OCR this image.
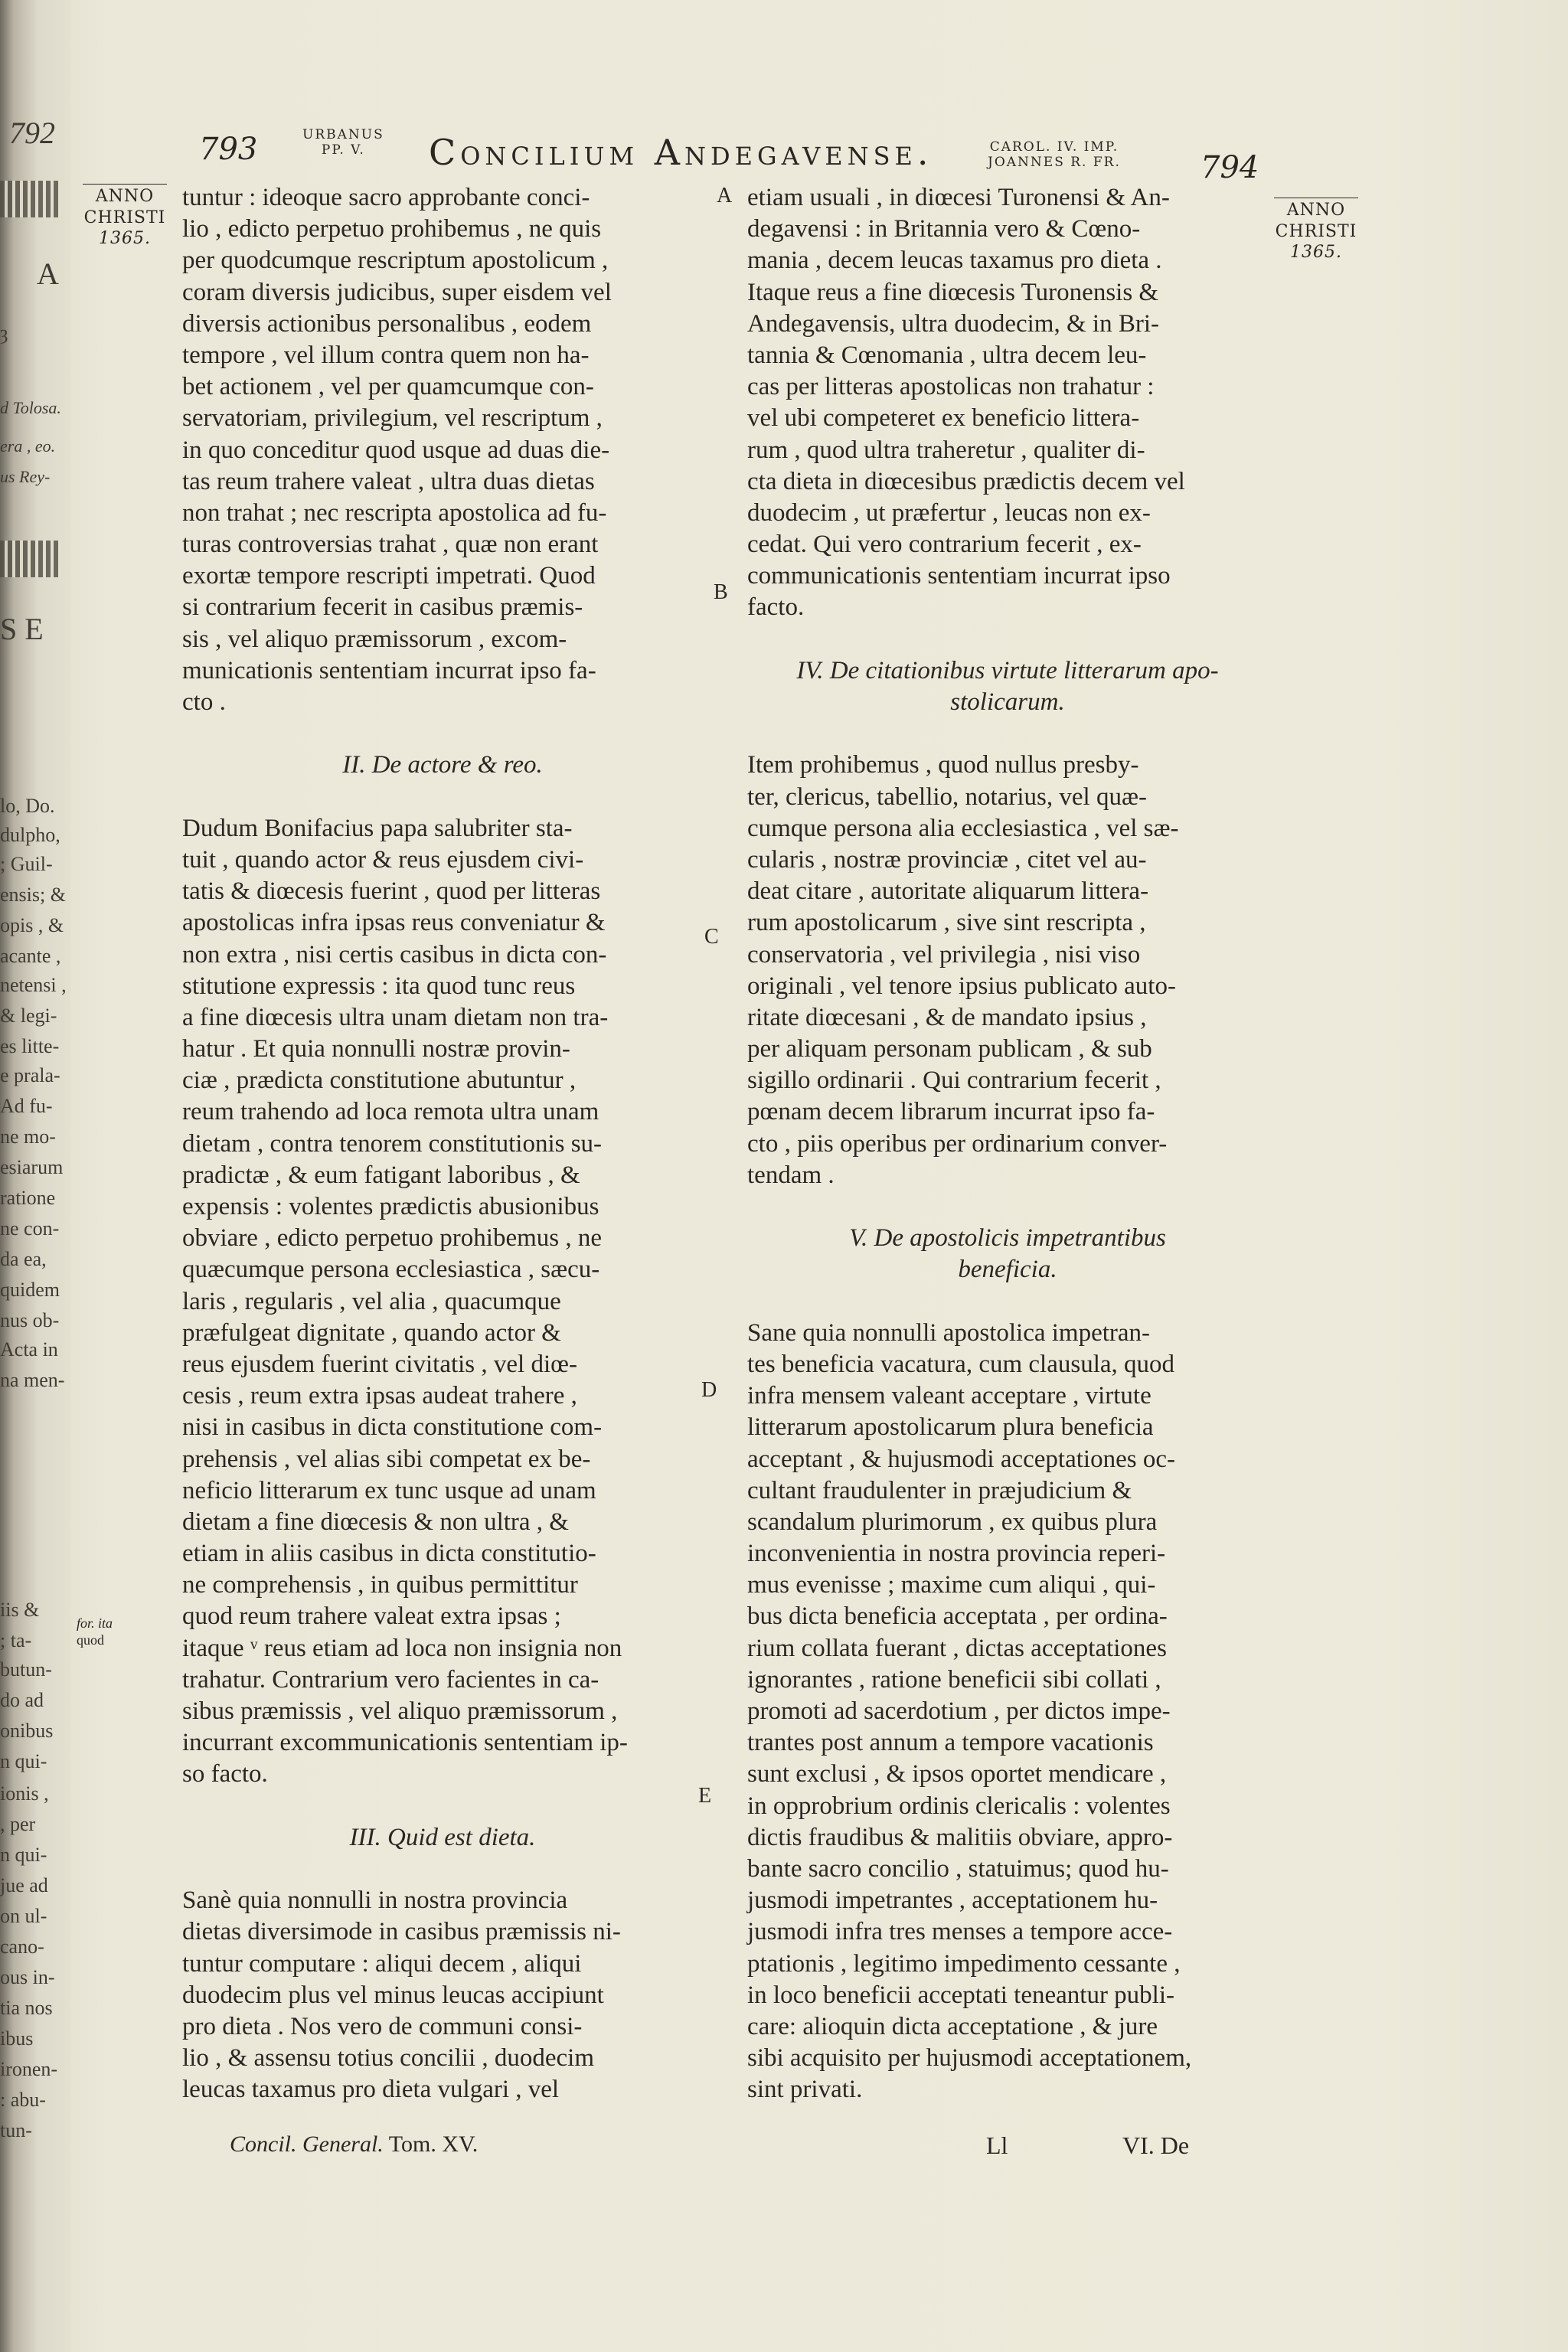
792
A
S E
ȝ
d Tolosa.
era , eo.
us Rey-
lo, Do.
dulpho,
; Guil-
ensis; &
opis , &
acante ,
netensi ,
& legi-
es litte-
e prala-
Ad fu-
ne mo-
esiarum
ratione
ne con-
da ea,
quidem
nus ob-
Acta in
na men-
iis &
; ta-
butun-
do ad
onibus
n qui-
ionis ,
, per
n qui-
jue ad
on ul-
cano-
ous in-
tia nos
ibus
ironen-
: abu-
tun-
793	URBANUS
PP. V.	Concilium Andegavense.	CAROL. IV. IMP.
JOANNES R. FR.	794
ANNO
CHRISTI
1365.
ANNO
CHRISTI
1365.
A
B
C
D
E
for. ita
quod
tuntur : ideoque sacro approbante conci-
lio , edicto perpetuo prohibemus , ne quis
per quodcumque rescriptum apostolicum ,
coram diversis judicibus, super eisdem vel
diversis actionibus personalibus , eodem
tempore , vel illum contra quem non ha-
bet actionem , vel per quamcumque con-
servatoriam, privilegium, vel rescriptum ,
in quo conceditur quod usque ad duas die-
tas reum trahere valeat , ultra duas dietas
non trahat ; nec rescripta apostolica ad fu-
turas controversias trahat , quæ non erant
exortæ tempore rescripti impetrati. Quod
si contrarium fecerit in casibus præmis-
sis , vel aliquo præmissorum , excom-
municationis sententiam incurrat ipso fa-
cto .
II. De actore & reo.
Dudum Bonifacius papa salubriter sta-
tuit , quando actor & reus ejusdem civi-
tatis & diœcesis fuerint , quod per litteras
apostolicas infra ipsas reus conveniatur &
non extra , nisi certis casibus in dicta con-
stitutione expressis : ita quod tunc reus
a fine diœcesis ultra unam dietam non tra-
hatur . Et quia nonnulli nostræ provin-
ciæ , prædicta constitutione abutuntur ,
reum trahendo ad loca remota ultra unam
dietam , contra tenorem constitutionis su-
pradictæ , & eum fatigant laboribus , &
expensis : volentes prædictis abusionibus
obviare , edicto perpetuo prohibemus , ne
quæcumque persona ecclesiastica , sæcu-
laris , regularis , vel alia , quacumque
præfulgeat dignitate , quando actor &
reus ejusdem fuerint civitatis , vel diœ-
cesis , reum extra ipsas audeat trahere ,
nisi in casibus in dicta constitutione com-
prehensis , vel alias sibi competat ex be-
neficio litterarum ex tunc usque ad unam
dietam a fine diœcesis & non ultra , &
etiam in aliis casibus in dicta constitutio-
ne comprehensis , in quibus permittitur
quod reum trahere valeat extra ipsas ;
itaque ᵛ reus etiam ad loca non insignia non
trahatur. Contrarium vero facientes in ca-
sibus præmissis , vel aliquo præmissorum ,
incurrant excommunicationis sententiam ip-
so facto.
III. Quid est dieta.
Sanè quia nonnulli in nostra provincia
dietas diversimode in casibus præmissis ni-
tuntur computare : aliqui decem , aliqui
duodecim plus vel minus leucas accipiunt
pro dieta . Nos vero de communi consi-
lio , & assensu totius concilii , duodecim
leucas taxamus pro dieta vulgari , vel
etiam usuali , in diœcesi Turonensi & An-
degavensi : in Britannia vero & Cœno-
mania , decem leucas taxamus pro dieta .
Itaque reus a fine diœcesis Turonensis &
Andegavensis, ultra duodecim, & in Bri-
tannia & Cœnomania , ultra decem leu-
cas per litteras apostolicas non trahatur :
vel ubi competeret ex beneficio littera-
rum , quod ultra traheretur , qualiter di-
cta dieta in diœcesibus prædictis decem vel
duodecim , ut præfertur , leucas non ex-
cedat. Qui vero contrarium fecerit , ex-
communicationis sententiam incurrat ipso
facto.
IV. De citationibus virtute litterarum apo-
stolicarum.
Item prohibemus , quod nullus presby-
ter, clericus, tabellio, notarius, vel quæ-
cumque persona alia ecclesiastica , vel sæ-
cularis , nostræ provinciæ , citet vel au-
deat citare , autoritate aliquarum littera-
rum apostolicarum , sive sint rescripta ,
conservatoria , vel privilegia , nisi viso
originali , vel tenore ipsius publicato auto-
ritate diœcesani , & de mandato ipsius ,
per aliquam personam publicam , & sub
sigillo ordinarii . Qui contrarium fecerit ,
pœnam decem librarum incurrat ipso fa-
cto , piis operibus per ordinarium conver-
tendam .
V. De apostolicis impetrantibus
beneficia.
Sane quia nonnulli apostolica impetran-
tes beneficia vacatura, cum clausula, quod
infra mensem valeant acceptare , virtute
litterarum apostolicarum plura beneficia
acceptant , & hujusmodi acceptationes oc-
cultant fraudulenter in præjudicium &
scandalum plurimorum , ex quibus plura
inconvenientia in nostra provincia reperi-
mus evenisse ; maxime cum aliqui , qui-
bus dicta beneficia acceptata , per ordina-
rium collata fuerant , dictas acceptationes
ignorantes , ratione beneficii sibi collati ,
promoti ad sacerdotium , per dictos impe-
trantes post annum a tempore vacationis
sunt exclusi , & ipsos oportet mendicare ,
in opprobrium ordinis clericalis : volentes
dictis fraudibus & malitiis obviare, appro-
bante sacro concilio , statuimus; quod hu-
jusmodi impetrantes , acceptationem hu-
jusmodi infra tres menses a tempore acce-
ptationis , legitimo impedimento cessante ,
in loco beneficii acceptati teneantur publi-
care: alioquin dicta acceptatione , & jure
sibi acquisito per hujusmodi acceptationem,
sint privati.
Concil. General. Tom. XV.	Ll	VI. De
